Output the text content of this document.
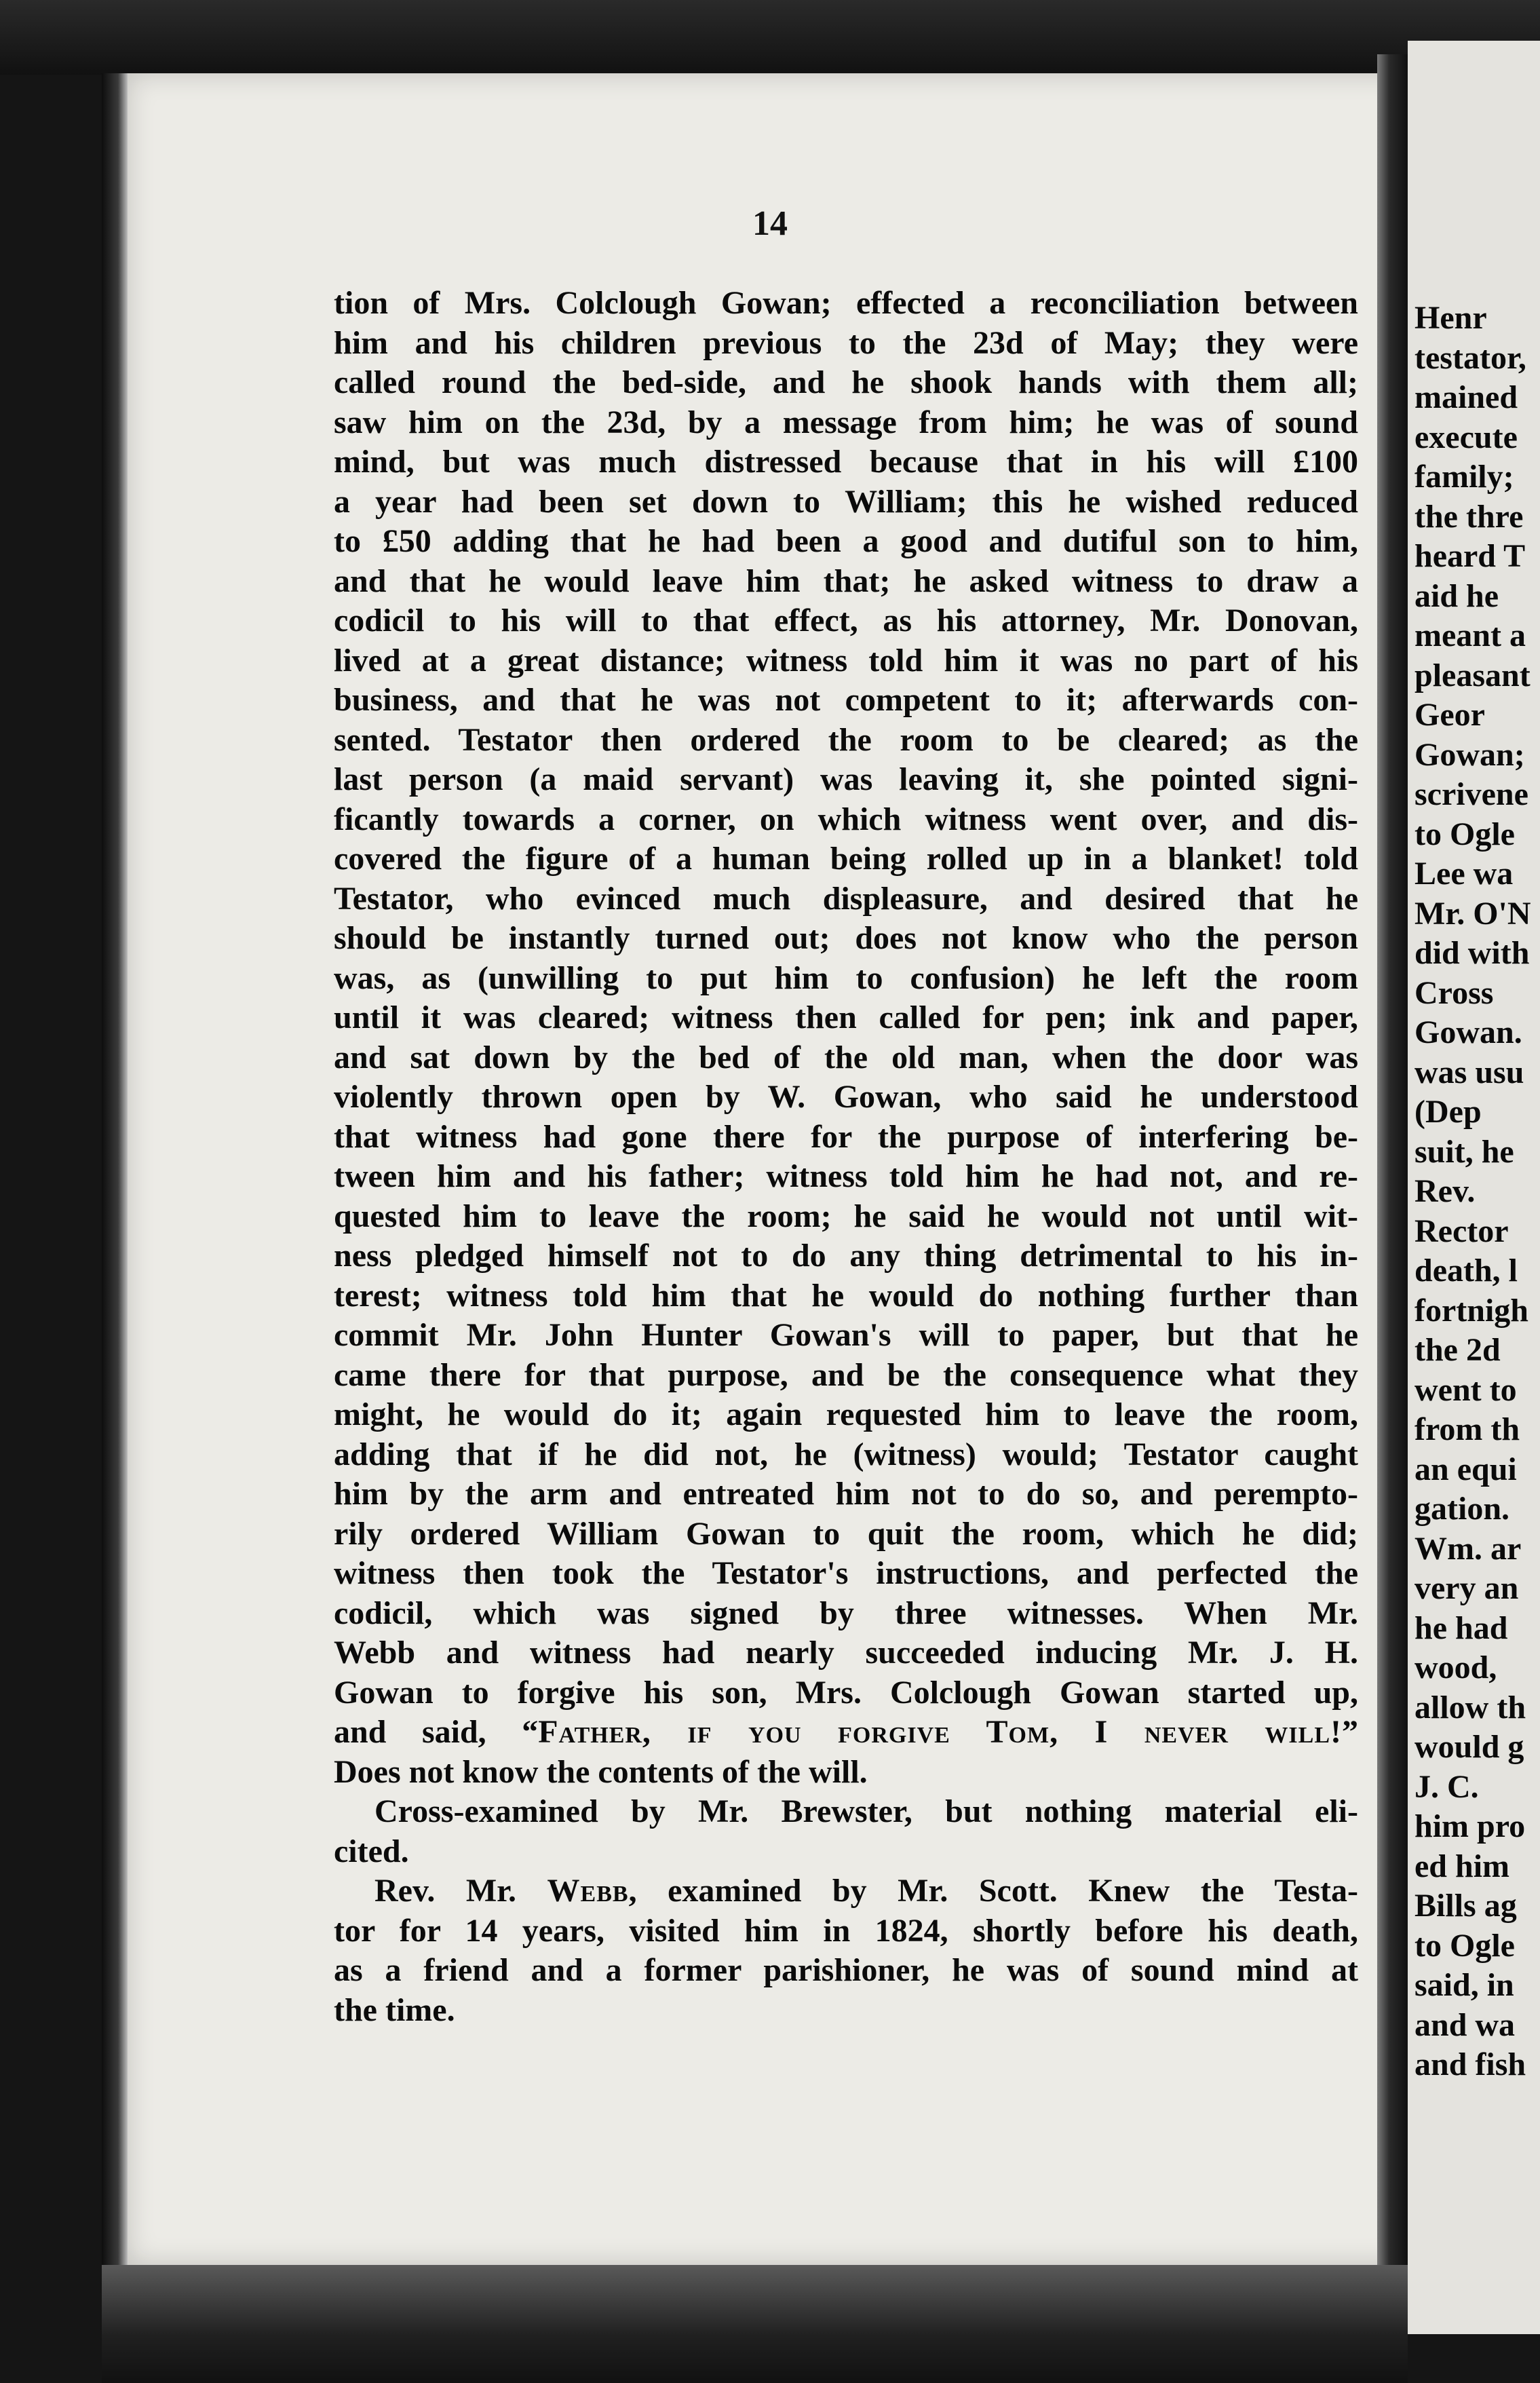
Henr
testator,
mained
execute
family;
the thre
heard T
aid he
meant a
pleasant
Geor
Gowan;
scrivene
to Ogle
Lee wa
Mr. O'N
did with
Cross
Gowan.
was usu
(Dep
suit, he
Rev.
Rector
death, l
fortnigh
the 2d
went to
from th
an equi
gation.
Wm. ar
very an
he had
wood,
allow th
would g
J. C.
him pro
ed him
Bills ag
to Ogle
said, in
and wa
and fish
14
tion of Mrs. Colclough Gowan; effected a reconciliation between
him and his children previous to the 23d of May; they were
called round the bed-side, and he shook hands with them all;
saw him on the 23d, by a message from him; he was of sound
mind, but was much distressed because that in his will £100
a year had been set down to William; this he wished reduced
to £50 adding that he had been a good and dutiful son to him,
and that he would leave him that; he asked witness to draw a
codicil to his will to that effect, as his attorney, Mr. Donovan,
lived at a great distance; witness told him it was no part of his
business, and that he was not competent to it; afterwards con-
sented. Testator then ordered the room to be cleared; as the
last person (a maid servant) was leaving it, she pointed signi-
ficantly towards a corner, on which witness went over, and dis-
covered the figure of a human being rolled up in a blanket! told
Testator, who evinced much displeasure, and desired that he
should be instantly turned out; does not know who the person
was, as (unwilling to put him to confusion) he left the room
until it was cleared; witness then called for pen; ink and paper,
and sat down by the bed of the old man, when the door was
violently thrown open by W. Gowan, who said he understood
that witness had gone there for the purpose of interfering be-
tween him and his father; witness told him he had not, and re-
quested him to leave the room; he said he would not until wit-
ness pledged himself not to do any thing detrimental to his in-
terest; witness told him that he would do nothing further than
commit Mr. John Hunter Gowan's will to paper, but that he
came there for that purpose, and be the consequence what they
might, he would do it; again requested him to leave the room,
adding that if he did not, he (witness) would; Testator caught
him by the arm and entreated him not to do so, and peremptо-
rily ordered William Gowan to quit the room, which he did;
witness then took the Testator's instructions, and perfected the
codicil, which was signed by three witnesses. When Mr.
Webb and witness had nearly succeeded inducing Mr. J. H.
Gowan to forgive his son, Mrs. Colclough Gowan started up,
and said, “Father, if you forgive Tom, I never will!”
Does not know the contents of the will.
Cross-examined by Mr. Brewster, but nothing material eli-
cited.
Rev. Mr. Webb, examined by Mr. Scott. Knew the Testa-
tor for 14 years, visited him in 1824, shortly before his death,
as a friend and a former parishioner, he was of sound mind at
the time.
